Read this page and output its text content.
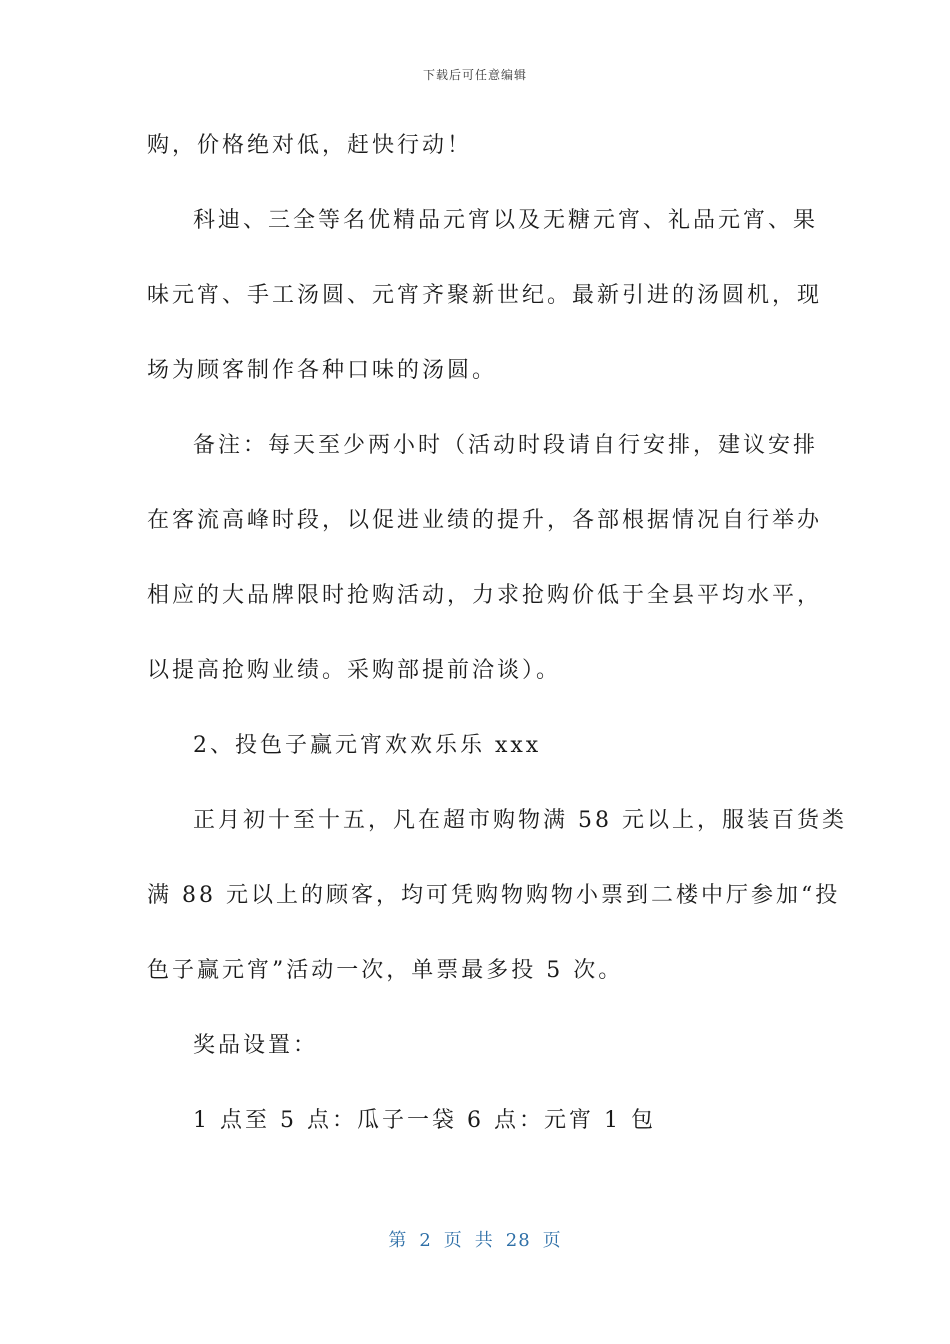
下载后可任意编辑
购，价格绝对低，赶快行动！
科迪、三全等名优精品元宵以及无糖元宵、礼品元宵、果
味元宵、手工汤圆、元宵齐聚新世纪。最新引进的汤圆机，现
场为顾客制作各种口味的汤圆。
备注：每天至少两小时（活动时段请自行安排，建议安排
在客流高峰时段，以促进业绩的提升，各部根据情况自行举办
相应的大品牌限时抢购活动，力求抢购价低于全县平均水平，
以提高抢购业绩。采购部提前洽谈）。
2、投色子赢元宵欢欢乐乐 xxx
正月初十至十五，凡在超市购物满 58 元以上，服装百货类
满 88 元以上的顾客，均可凭购物购物小票到二楼中厅参加“投
色子赢元宵”活动一次，单票最多投 5 次。
奖品设置：
1 点至 5 点：瓜子一袋 6 点：元宵 1 包
第 2 页 共 28 页
